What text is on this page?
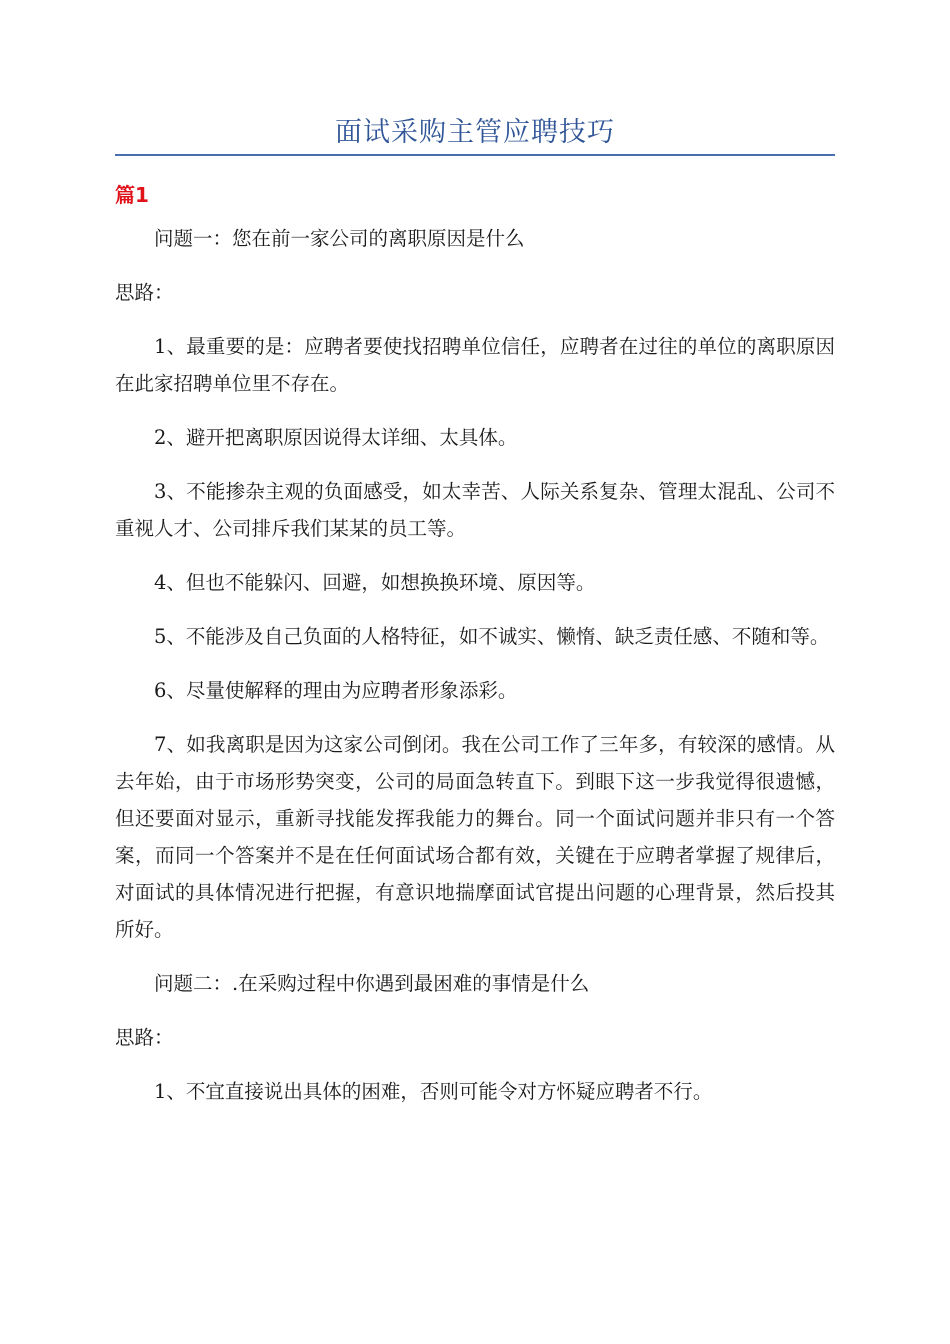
面试采购主管应聘技巧
篇1

问题一：您在前一家公司的离职原因是什么

思路：

1、最重要的是：应聘者要使找招聘单位信任，应聘者在过往的单位的离职原因在此家招聘单位里不存在。

2、避开把离职原因说得太详细、太具体。

3、不能掺杂主观的负面感受，如太幸苦、人际关系复杂、管理太混乱、公司不重视人才、公司排斥我们某某的员工等。

4、但也不能躲闪、回避，如想换换环境、原因等。

5、不能涉及自己负面的人格特征，如不诚实、懒惰、缺乏责任感、不随和等。

6、尽量使解释的理由为应聘者形象添彩。

7、如我离职是因为这家公司倒闭。我在公司工作了三年多，有较深的感情。从去年始，由于市场形势突变，公司的局面急转直下。到眼下这一步我觉得很遗憾，但还要面对显示，重新寻找能发挥我能力的舞台。同一个面试问题并非只有一个答案，而同一个答案并不是在任何面试场合都有效，关键在于应聘者掌握了规律后，对面试的具体情况进行把握，有意识地揣摩面试官提出问题的心理背景，然后投其所好。

问题二：.在采购过程中你遇到最困难的事情是什么

思路：

1、不宜直接说出具体的困难，否则可能令对方怀疑应聘者不行。
